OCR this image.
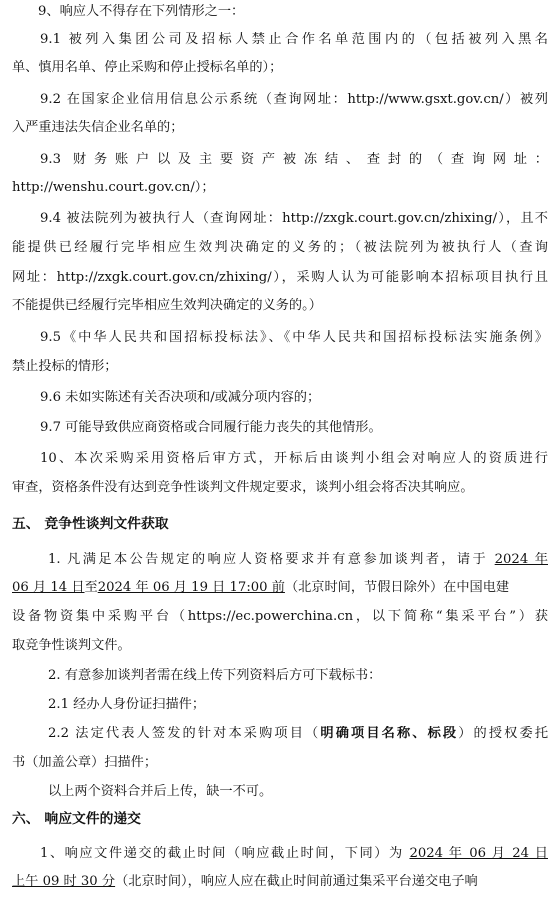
9、响应人不得存在下列情形之一：
9.1 被列入集团公司及招标人禁止合作名单范围内的（包括被列入黑名
单、慎用名单、停止采购和停止授标名单的）；
9.2 在国家企业信用信息公示系统（查询网址：http://www.gsxt.gov.cn/）被列
入严重违法失信企业名单的；
9.3 财务账户以及主要资产被冻结、查封的（查询网址：
http://wenshu.court.gov.cn/）；
9.4 被法院列为被执行人（查询网址：http://zxgk.court.gov.cn/zhixing/），且不
能提供已经履行完毕相应生效判决确定的义务的；（被法院列为被执行人（查询
网址：http://zxgk.court.gov.cn/zhixing/），采购人认为可能影响本招标项目执行且
不能提供已经履行完毕相应生效判决确定的义务的。）
9.5《中华人民共和国招标投标法》、《中华人民共和国招标投标法实施条例》
禁止投标的情形；
9.6 未如实陈述有关否决项和/或减分项内容的；
9.7 可能导致供应商资格或合同履行能力丧失的其他情形。
10、本次采购采用资格后审方式，开标后由谈判小组会对响应人的资质进行
审查，资格条件没有达到竞争性谈判文件规定要求，谈判小组会将否决其响应。
五、 竞争性谈判文件获取
1. 凡满足本公告规定的响应人资格要求并有意参加谈判者，请于 2024 年
06 月 14 日至2024 年 06 月 19 日 17:00 前（北京时间，节假日除外）在中国电建
设备物资集中采购平台（https://ec.powerchina.cn，以下简称“集采平台”）获
取竞争性谈判文件。
2. 有意参加谈判者需在线上传下列资料后方可下载标书：
2.1 经办人身份证扫描件；
2.2 法定代表人签发的针对本采购项目（明确项目名称、标段）的授权委托
书（加盖公章）扫描件；
以上两个资料合并后上传，缺一不可。
六、 响应文件的递交
1、响应文件递交的截止时间（响应截止时间，下同）为 2024 年 06 月 24 日
上午 09 时 30 分（北京时间），响应人应在截止时间前通过集采平台递交电子响
